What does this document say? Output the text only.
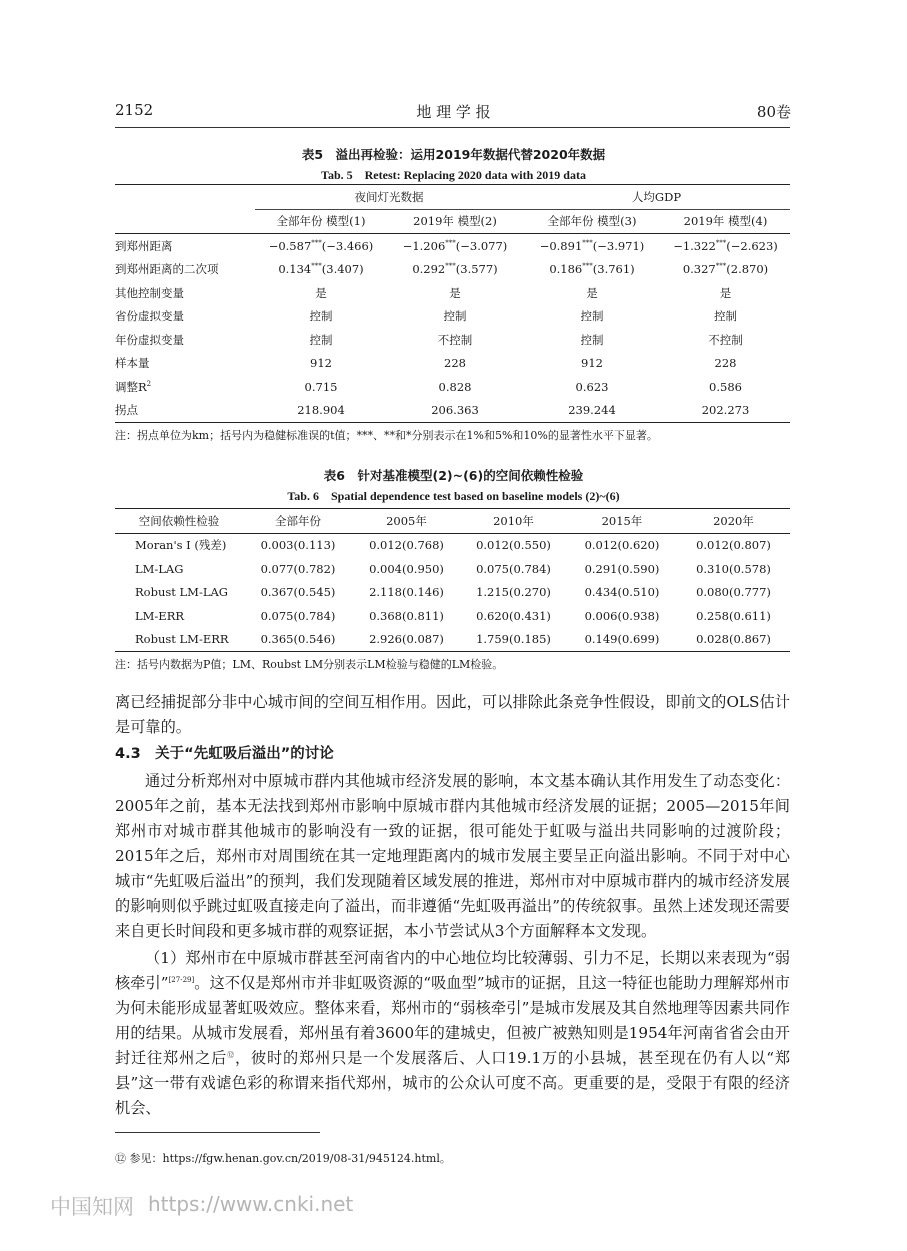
2152	地 理 学 报	80卷
表5　溢出再检验：运用2019年数据代替2020年数据
Tab. 5　Retest: Replacing 2020 data with 2019 data
	夜间灯光数据		人均GDP	
	全部年份 模型(1)	2019年 模型(2)	全部年份 模型(3)	2019年 模型(4)
到郑州距离	−0.587***(−3.466)	−1.206***(−3.077)	−0.891***(−3.971)	−1.322***(−2.623)
到郑州距离的二次项	0.134***(3.407)	0.292***(3.577)	0.186***(3.761)	0.327***(2.870)
其他控制变量	是	是	是	是
省份虚拟变量	控制	控制	控制	控制
年份虚拟变量	控制	不控制	控制	不控制
样本量	912	228	912	228
调整$R^2$	0.715	0.828	0.623	0.586
拐点	218.904	206.363	239.244	202.273
注：拐点单位为km；括号内为稳健标准误的t值；***、**和*分别表示在1%和5%和10%的显著性水平下显著。
表6　针对基准模型(2)~(6)的空间依赖性检验
Tab. 6　Spatial dependence test based on baseline models (2)~(6)
空间依赖性检验	全部年份	2005年	2010年	2015年	2020年
Moran's I (残差)	0.003(0.113)	0.012(0.768)	0.012(0.550)	0.012(0.620)	0.012(0.807)
LM-LAG	0.077(0.782)	0.004(0.950)	0.075(0.784)	0.291(0.590)	0.310(0.578)
Robust LM-LAG	0.367(0.545)	2.118(0.146)	1.215(0.270)	0.434(0.510)	0.080(0.777)
LM-ERR	0.075(0.784)	0.368(0.811)	0.620(0.431)	0.006(0.938)	0.258(0.611)
Robust LM-ERR	0.365(0.546)	2.926(0.087)	1.759(0.185)	0.149(0.699)	0.028(0.867)
注：括号内数据为P值；LM、Roubst LM分别表示LM检验与稳健的LM检验。

离已经捕捉部分非中心城市间的空间互相作用。因此，可以排除此条竞争性假设，即前文的OLS估计是可靠的。

4.3　关于“先虹吸后溢出”的讨论

通过分析郑州对中原城市群内其他城市经济发展的影响，本文基本确认其作用发生了动态变化：2005年之前，基本无法找到郑州市影响中原城市群内其他城市经济发展的证据；2005—2015年间郑州市对城市群其他城市的影响没有一致的证据，很可能处于虹吸与溢出共同影响的过渡阶段；2015年之后，郑州市对周围统在其一定地理距离内的城市发展主要呈正向溢出影响。不同于对中心城市“先虹吸后溢出”的预判，我们发现随着区域发展的推进，郑州市对中原城市群内的城市经济发展的影响则似乎跳过虹吸直接走向了溢出，而非遵循“先虹吸再溢出”的传统叙事。虽然上述发现还需要来自更长时间段和更多城市群的观察证据，本小节尝试从3个方面解释本文发现。

（1）郑州市在中原城市群甚至河南省内的中心地位均比较薄弱、引力不足，长期以来表现为“弱核牵引”[27-29]。这不仅是郑州市并非虹吸资源的“吸血型”城市的证据，且这一特征也能助力理解郑州市为何未能形成显著虹吸效应。整体来看，郑州市的“弱核牵引”是城市发展及其自然地理等因素共同作用的结果。从城市发展看，郑州虽有着3600年的建城史，但被广被熟知则是1954年河南省省会由开封迁往郑州之后⑫，彼时的郑州只是一个发展落后、人口19.1万的小县城，甚至现在仍有人以“郑县”这一带有戏谑色彩的称谓来指代郑州，城市的公众认可度不高。更重要的是，受限于有限的经济机会、

⑫ 参见：https://fgw.henan.gov.cn/2019/08-31/945124.html。
中国知网 https://www.cnki.net
